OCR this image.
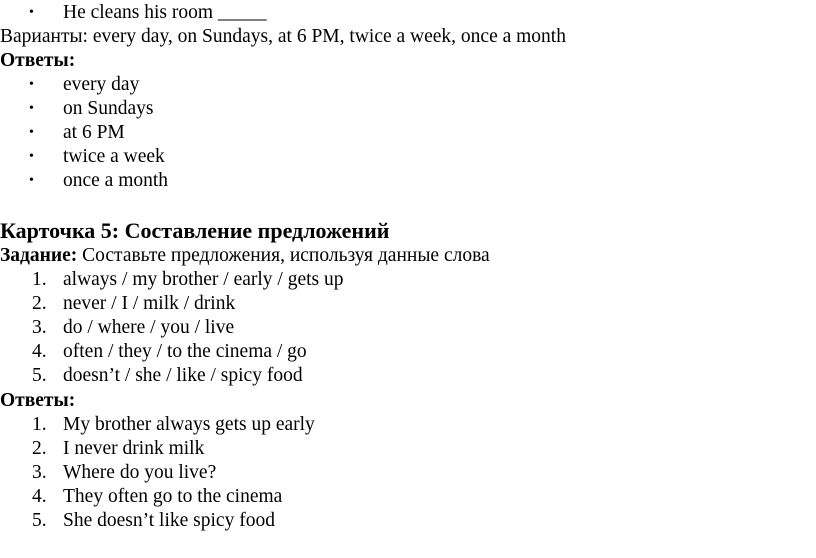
• He cleans his room _____
Варианты: every day, on Sundays, at 6 PM, twice a week, once a month
Ответы:
• every day
• on Sundays
• at 6 PM
• twice a week
• once a month
Карточка 5: Составление предложений
Задание: Составьте предложения, используя данные слова
1. always / my brother / early / gets up
2. never / I / milk / drink
3. do / where / you / live
4. often / they / to the cinema / go
5. doesn’t / she / like / spicy food
Ответы:
1. My brother always gets up early
2. I never drink milk
3. Where do you live?
4. They often go to the cinema
5. She doesn’t like spicy food
